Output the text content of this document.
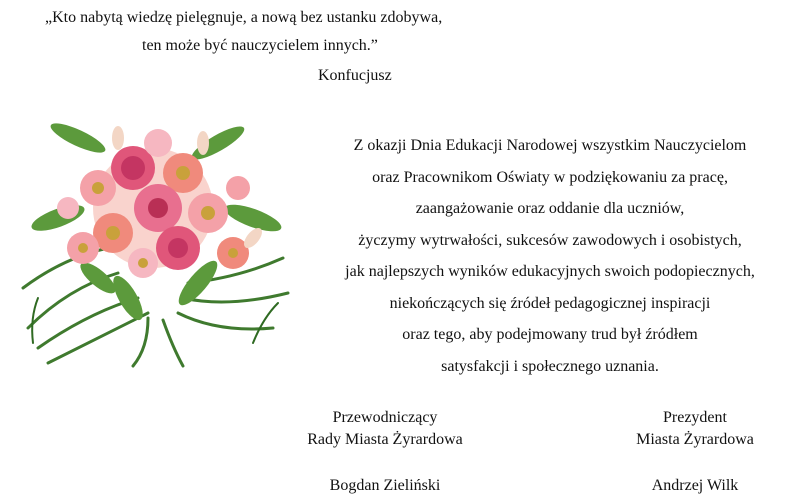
„Kto nabytą wiedzę pielęgnuje, a nową bez ustanku zdobywa,
ten może być nauczycielem innych.”
Konfucjusz
Z okazji Dnia Edukacji Narodowej wszystkim Nauczycielom
oraz Pracownikom Oświaty w podziękowaniu za pracę,
zaangażowanie oraz oddanie dla uczniów,
życzymy wytrwałości, sukcesów zawodowych i osobistych,
jak najlepszych wyników edukacyjnych swoich podopiecznych,
niekończących się źródeł pedagogicznej inspiracji
oraz tego, aby podejmowany trud był źródłem
satysfakcji i społecznego uznania.
Przewodniczący
Rady Miasta Żyrardowa
Bogdan Zieliński
Prezydent
Miasta Żyrardowa
Andrzej Wilk
